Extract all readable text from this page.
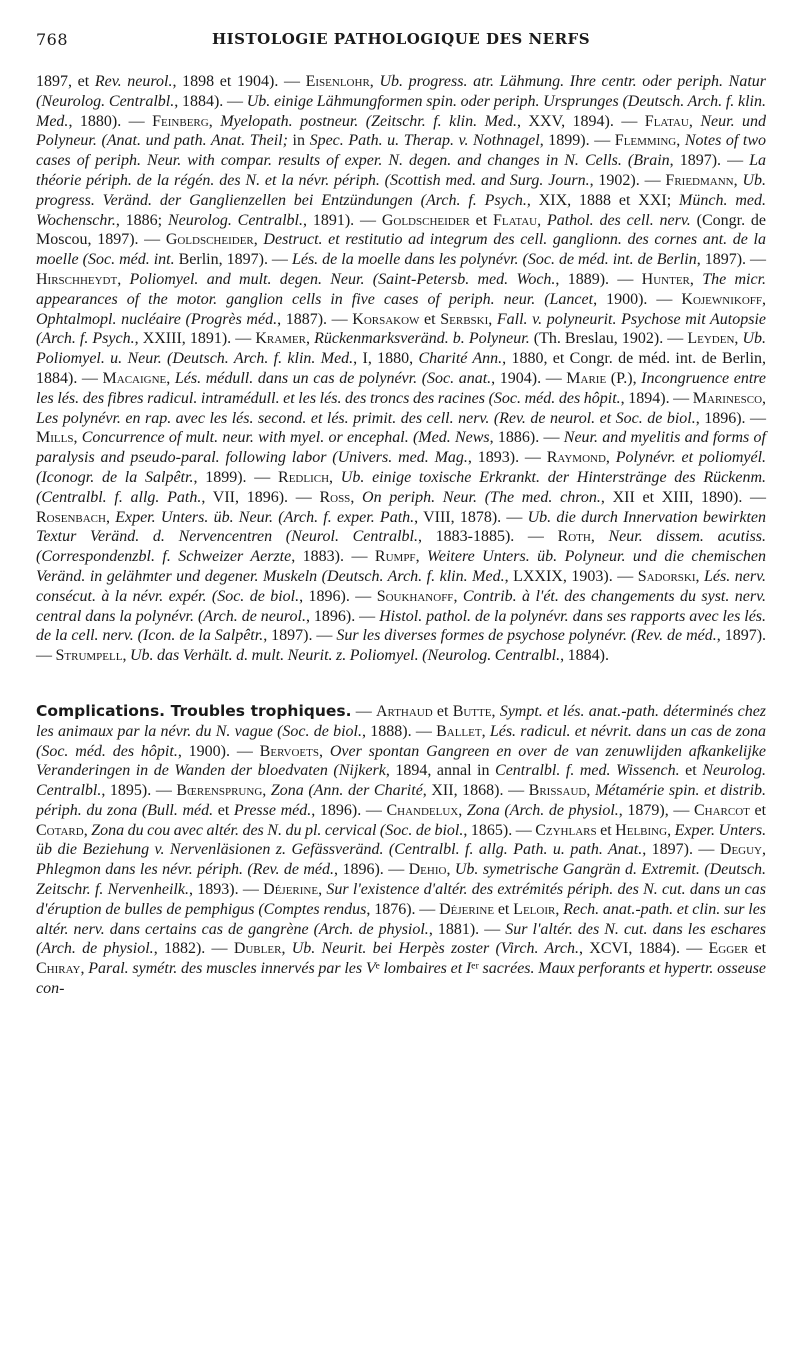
768	HISTOLOGIE PATHOLOGIQUE DES NERFS

1897, et Rev. neurol., 1898 et 1904). — Eisenlohr, Ub. progress. atr. Lähmung. Ihre centr. oder periph. Natur (Neurolog. Centralbl., 1884). — Ub. einige Lähmungformen spin. oder periph. Ursprunges (Deutsch. Arch. f. klin. Med., 1880). — Feinberg, Myelopath. postneur. (Zeitschr. f. klin. Med., XXV, 1894). — Flatau, Neur. und Polyneur. (Anat. und path. Anat. Theil; in Spec. Path. u. Therap. v. Nothnagel, 1899). — Flemming, Notes of two cases of periph. Neur. with compar. results of exper. N. degen. and changes in N. Cells. (Brain, 1897). — La théorie périph. de la régén. des N. et la névr. périph. (Scottish med. and Surg. Journ., 1902). — Friedmann, Ub. progress. Veränd. der Ganglienzellen bei Entzündungen (Arch. f. Psych., XIX, 1888 et XXI; Münch. med. Wochenschr., 1886; Neurolog. Centralbl., 1891). — Goldscheider et Flatau, Pathol. des cell. nerv. (Congr. de Moscou, 1897). — Goldscheider, Destruct. et restitutio ad integrum des cell. ganglionn. des cornes ant. de la moelle (Soc. méd. int. Berlin, 1897). — Lés. de la moelle dans les polynévr. (Soc. de méd. int. de Berlin, 1897). — Hirschheydt, Poliomyel. and mult. degen. Neur. (Saint-Petersb. med. Woch., 1889). — Hunter, The micr. appearances of the motor. ganglion cells in five cases of periph. neur. (Lancet, 1900). — Kojewnikoff, Ophtalmopl. nucléaire (Progrès méd., 1887). — Korsakow et Serbski, Fall. v. polyneurit. Psychose mit Autopsie (Arch. f. Psych., XXIII, 1891). — Kramer, Rückenmarksveränd. b. Polyneur. (Th. Breslau, 1902). — Leyden, Ub. Poliomyel. u. Neur. (Deutsch. Arch. f. klin. Med., I, 1880, Charité Ann., 1880, et Congr. de méd. int. de Berlin, 1884). — Macaigne, Lés. médull. dans un cas de polynévr. (Soc. anat., 1904). — Marie (P.), Incongruence entre les lés. des fibres radicul. intramédull. et les lés. des troncs des racines (Soc. méd. des hôpit., 1894). — Marinesco, Les polynévr. en rap. avec les lés. second. et lés. primit. des cell. nerv. (Rev. de neurol. et Soc. de biol., 1896). — Mills, Concurrence of mult. neur. with myel. or encephal. (Med. News, 1886). — Neur. and myelitis and forms of paralysis and pseudo-paral. following labor (Univers. med. Mag., 1893). — Raymond, Polynévr. et poliomyél. (Iconogr. de la Salpêtr., 1899). — Redlich, Ub. einige toxische Erkrankt. der Hinterstränge des Rückenm. (Centralbl. f. allg. Path., VII, 1896). — Ross, On periph. Neur. (The med. chron., XII et XIII, 1890). — Rosenbach, Exper. Unters. üb. Neur. (Arch. f. exper. Path., VIII, 1878). — Ub. die durch Innervation bewirkten Textur Veränd. d. Nervencentren (Neurol. Centralbl., 1883-1885). — Roth, Neur. dissem. acutiss. (Correspondenzbl. f. Schweizer Aerzte, 1883). — Rumpf, Weitere Unters. üb. Polyneur. und die chemischen Veränd. in gelähmter und degener. Muskeln (Deutsch. Arch. f. klin. Med., LXXIX, 1903). — Sadorski, Lés. nerv. consécut. à la névr. expér. (Soc. de biol., 1896). — Soukhanoff, Contrib. à l'ét. des changements du syst. nerv. central dans la polynévr. (Arch. de neurol., 1896). — Histol. pathol. de la polynévr. dans ses rapports avec les lés. de la cell. nerv. (Icon. de la Salpêtr., 1897). — Sur les diverses formes de psychose polynévr. (Rev. de méd., 1897). — Strumpell, Ub. das Verhält. d. mult. Neurit. z. Poliomyel. (Neurolog. Centralbl., 1884).

Complications. Troubles trophiques. — Arthaud et Butte, Sympt. et lés. anat.-path. déterminés chez les animaux par la névr. du N. vague (Soc. de biol., 1888). — Ballet, Lés. radicul. et névrit. dans un cas de zona (Soc. méd. des hôpit., 1900). — Bervoets, Over spontan Gangreen en over de van zenuwlijden afkankelijke Veranderingen in de Wanden der bloedvaten (Nijkerk, 1894, annal in Centralbl. f. med. Wissench. et Neurolog. Centralbl., 1895). — Bœrensprung, Zona (Ann. der Charité, XII, 1868). — Brissaud, Métamérie spin. et distrib. périph. du zona (Bull. méd. et Presse méd., 1896). — Chandelux, Zona (Arch. de physiol., 1879), — Charcot et Cotard, Zona du cou avec altér. des N. du pl. cervical (Soc. de biol., 1865). — Czyhlars et Helbing, Exper. Unters. üb die Beziehung v. Nervenläsionen z. Gefässveränd. (Centralbl. f. allg. Path. u. path. Anat., 1897). — Deguy, Phlegmon dans les névr. périph. (Rev. de méd., 1896). — Dehio, Ub. symetrische Gangrän d. Extremit. (Deutsch. Zeitschr. f. Nervenheilk., 1893). — Déjerine, Sur l'existence d'altér. des extrémités périph. des N. cut. dans un cas d'éruption de bulles de pemphigus (Comptes rendus, 1876). — Déjerine et Leloir, Rech. anat.-path. et clin. sur les altér. nerv. dans certains cas de gangrène (Arch. de physiol., 1881). — Sur l'altér. des N. cut. dans les eschares (Arch. de physiol., 1882). — Dubler, Ub. Neurit. bei Herpès zoster (Virch. Arch., XCVI, 1884). — Egger et Chiray, Paral. symétr. des muscles innervés par les Vᵉ lombaires et Iᵉʳ sacrées. Maux perforants et hypertr. osseuse con-
